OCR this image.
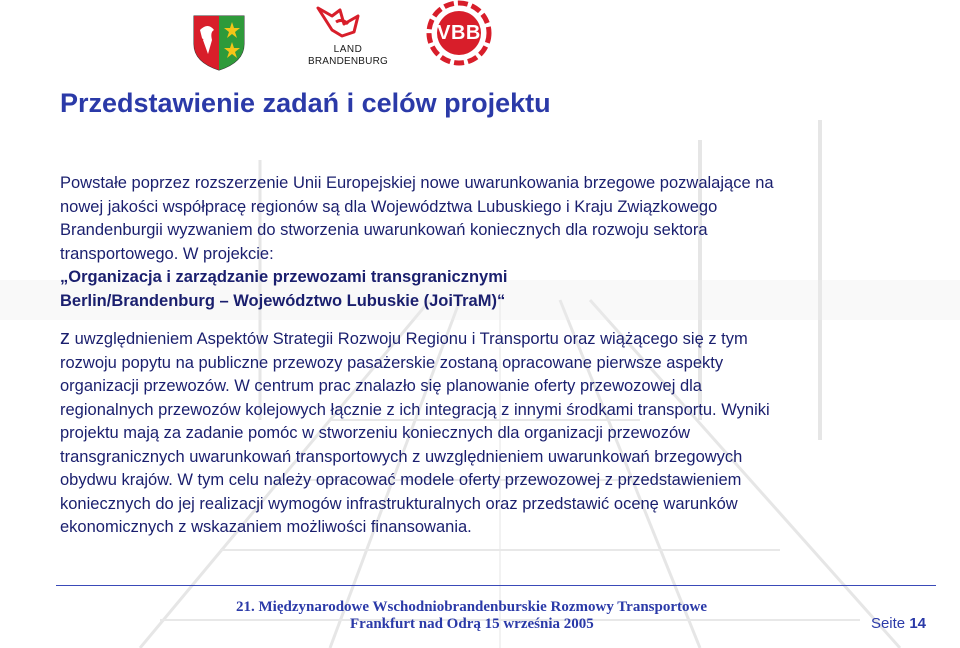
LAND
BRANDENBURG
VBB
Przedstawienie zadań i celów projektu

Powstałe poprzez rozszerzenie Unii Europejskiej nowe uwarunkowania brzegowe pozwalające na

nowej jakości współpracę regionów są dla Województwa Lubuskiego i Kraju Związkowego

Brandenburgii wyzwaniem do stworzenia uwarunkowań koniecznych dla rozwoju sektora

transportowego. W projekcie:

„Organizacja i zarządzanie przewozami transgranicznymi

Berlin/Brandenburg – Województwo Lubuskie (JoiTraM)“

z uwzględnieniem Aspektów Strategii Rozwoju Regionu i Transportu oraz wiążącego się z tym

rozwoju popytu na publiczne przewozy pasażerskie zostaną opracowane pierwsze aspekty

organizacji przewozów. W centrum prac znalazło się planowanie oferty przewozowej dla

regionalnych przewozów kolejowych łącznie z ich integracją z innymi środkami transportu. Wyniki

projektu mają za zadanie pomóc w stworzeniu koniecznych dla organizacji przewozów

transgranicznych uwarunkowań transportowych z uwzględnieniem uwarunkowań brzegowych

obydwu krajów. W tym celu należy opracować modele oferty przewozowej z przedstawieniem

koniecznych do jej realizacji wymogów infrastrukturalnych oraz przedstawić ocenę warunków

ekonomicznych z wskazaniem możliwości finansowania.

21. Międzynarodowe Wschodniobrandenburskie Rozmowy Transportowe
Frankfurt nad Odrą 15 września 2005	Seite 14
